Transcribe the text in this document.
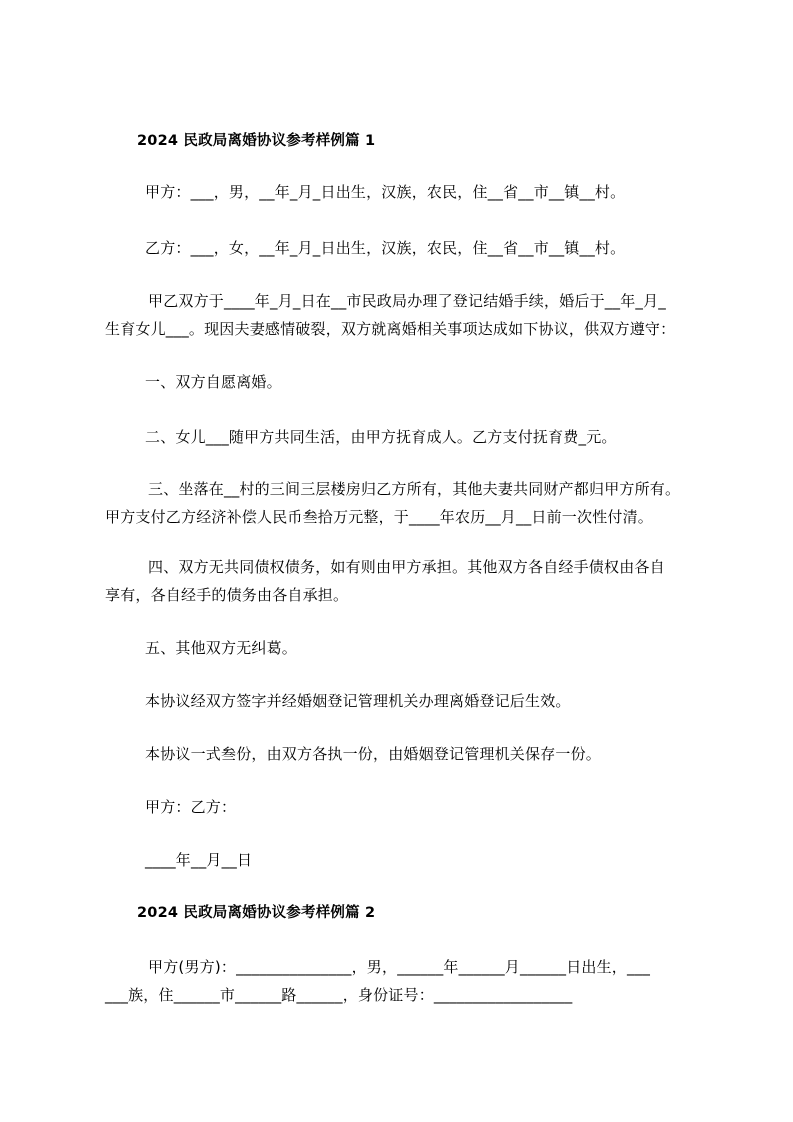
2024 民政局离婚协议参考样例篇 1
甲方：___，男，__年_月_日出生，汉族，农民，住__省__市__镇__村。
乙方：___，女，__年_月_日出生，汉族，农民，住__省__市__镇__村。
甲乙双方于____年_月_日在__市民政局办理了登记结婚手续，婚后于__年_月_
生育女儿___。现因夫妻感情破裂，双方就离婚相关事项达成如下协议，供双方遵守：
一、双方自愿离婚。
二、女儿___随甲方共同生活，由甲方抚育成人。乙方支付抚育费_元。
三、坐落在__村的三间三层楼房归乙方所有，其他夫妻共同财产都归甲方所有。
甲方支付乙方经济补偿人民币叁拾万元整，于____年农历__月__日前一次性付清。
四、双方无共同债权债务，如有则由甲方承担。其他双方各自经手债权由各自
享有，各自经手的债务由各自承担。
五、其他双方无纠葛。
本协议经双方签字并经婚姻登记管理机关办理离婚登记后生效。
本协议一式叁份，由双方各执一份，由婚姻登记管理机关保存一份。
甲方：乙方：
____年__月__日
2024 民政局离婚协议参考样例篇 2
甲方(男方)：_______________，男，______年______月______日出生，___
___族，住______市______路______，身份证号：__________________
